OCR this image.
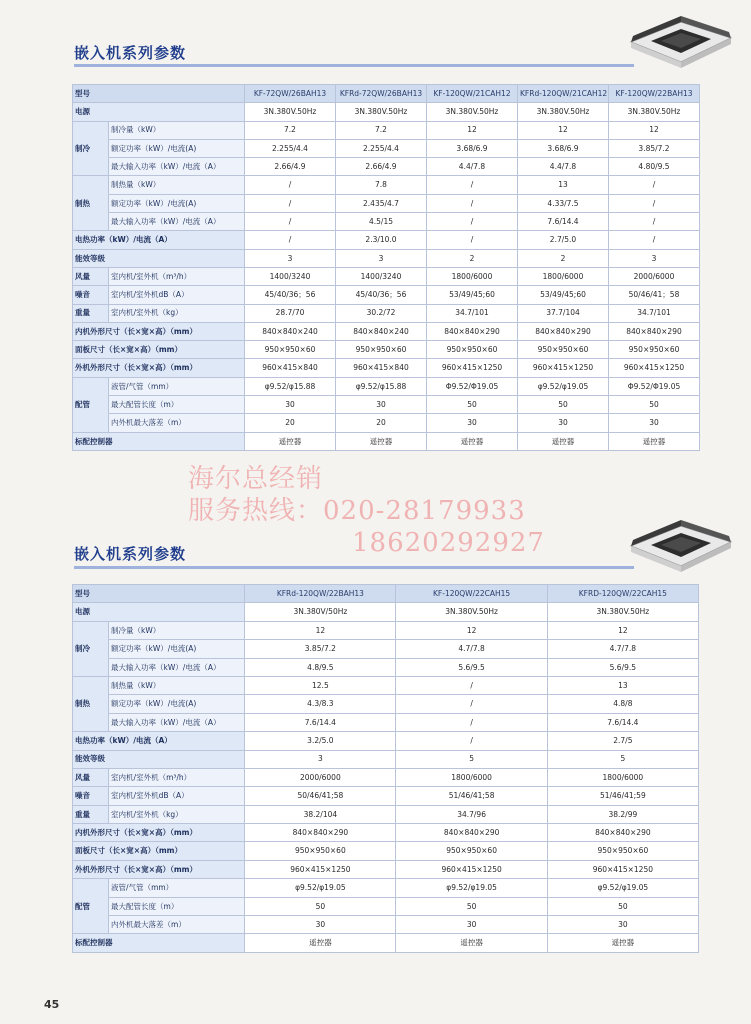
嵌入机系列参数
型号		KF-72QW/26BAH13	KFRd-72QW/26BAH13	KF-120QW/21CAH12	KFRd-120QW/21CAH12	KF-120QW/22BAH13
电源		3N.380V.50Hz	3N.380V.50Hz	3N.380V.50Hz	3N.380V.50Hz	3N.380V.50Hz
制冷	制冷量（kW）	7.2	7.2	12	12	12
	额定功率（kW）/电流(A)	2.255/4.4	2.255/4.4	3.68/6.9	3.68/6.9	3.85/7.2
	最大输入功率（kW）/电流（A）	2.66/4.9	2.66/4.9	4.4/7.8	4.4/7.8	4.80/9.5
制热	制热量（kW）	/	7.8	/	13	/
	额定功率（kW）/电流(A)	/	2.435/4.7	/	4.33/7.5	/
	最大输入功率（kW）/电流（A）	/	4.5/15	/	7.6/14.4	/
电热功率（kW）/电流（A）		/	2.3/10.0	/	2.7/5.0	/
能效等级		3	3	2	2	3
风量	室内机/室外机（m³/h）	1400/3240	1400/3240	1800/6000	1800/6000	2000/6000
噪音	室内机/室外机dB（A）	45/40/36；56	45/40/36；56	53/49/45;60	53/49/45;60	50/46/41；58
重量	室内机/室外机（kg）	28.7/70	30.2/72	34.7/101	37.7/104	34.7/101
内机外形尺寸（长×宽×高）（mm）		840×840×240	840×840×240	840×840×290	840×840×290	840×840×290
面板尺寸（长×宽×高）（mm）		950×950×60	950×950×60	950×950×60	950×950×60	950×950×60
外机外形尺寸（长×宽×高）（mm）		960×415×840	960×415×840	960×415×1250	960×415×1250	960×415×1250
配管	液管/气管（mm）	φ9.52/φ15.88	φ9.52/φ15.88	Φ9.52/Φ19.05	φ9.52/φ19.05	Φ9.52/Φ19.05
	最大配管长度（m）	30	30	50	50	50
	内外机最大落差（m）	20	20	30	30	30
标配控制器		遥控器	遥控器	遥控器	遥控器	遥控器
海尔总经销
服务热线：020-28179933
18620292927
嵌入机系列参数
型号		KFRd-120QW/22BAH13	KF-120QW/22CAH15	KFRD-120QW/22CAH15
电源		3N.380V/50Hz	3N.380V.50Hz	3N.380V.50Hz
制冷	制冷量（kW）	12	12	12
	额定功率（kW）/电流(A)	3.85/7.2	4.7/7.8	4.7/7.8
	最大输入功率（kW）/电流（A）	4.8/9.5	5.6/9.5	5.6/9.5
制热	制热量（kW）	12.5	/	13
	额定功率（kW）/电流(A)	4.3/8.3	/	4.8/8
	最大输入功率（kW）/电流（A）	7.6/14.4	/	7.6/14.4
电热功率（kW）/电流（A）		3.2/5.0	/	2.7/5
能效等级		3	5	5
风量	室内机/室外机（m³/h）	2000/6000	1800/6000	1800/6000
噪音	室内机/室外机dB（A）	50/46/41;58	51/46/41;58	51/46/41;59
重量	室内机/室外机（kg）	38.2/104	34.7/96	38.2/99
内机外形尺寸（长×宽×高）（mm）		840×840×290	840×840×290	840×840×290
面板尺寸（长×宽×高）（mm）		950×950×60	950×950×60	950×950×60
外机外形尺寸（长×宽×高）（mm）		960×415×1250	960×415×1250	960×415×1250
配管	液管/气管（mm）	φ9.52/φ19.05	φ9.52/φ19.05	φ9.52/φ19.05
	最大配管长度（m）	50	50	50
	内外机最大落差（m）	30	30	30
标配控制器		遥控器	遥控器	遥控器
45
